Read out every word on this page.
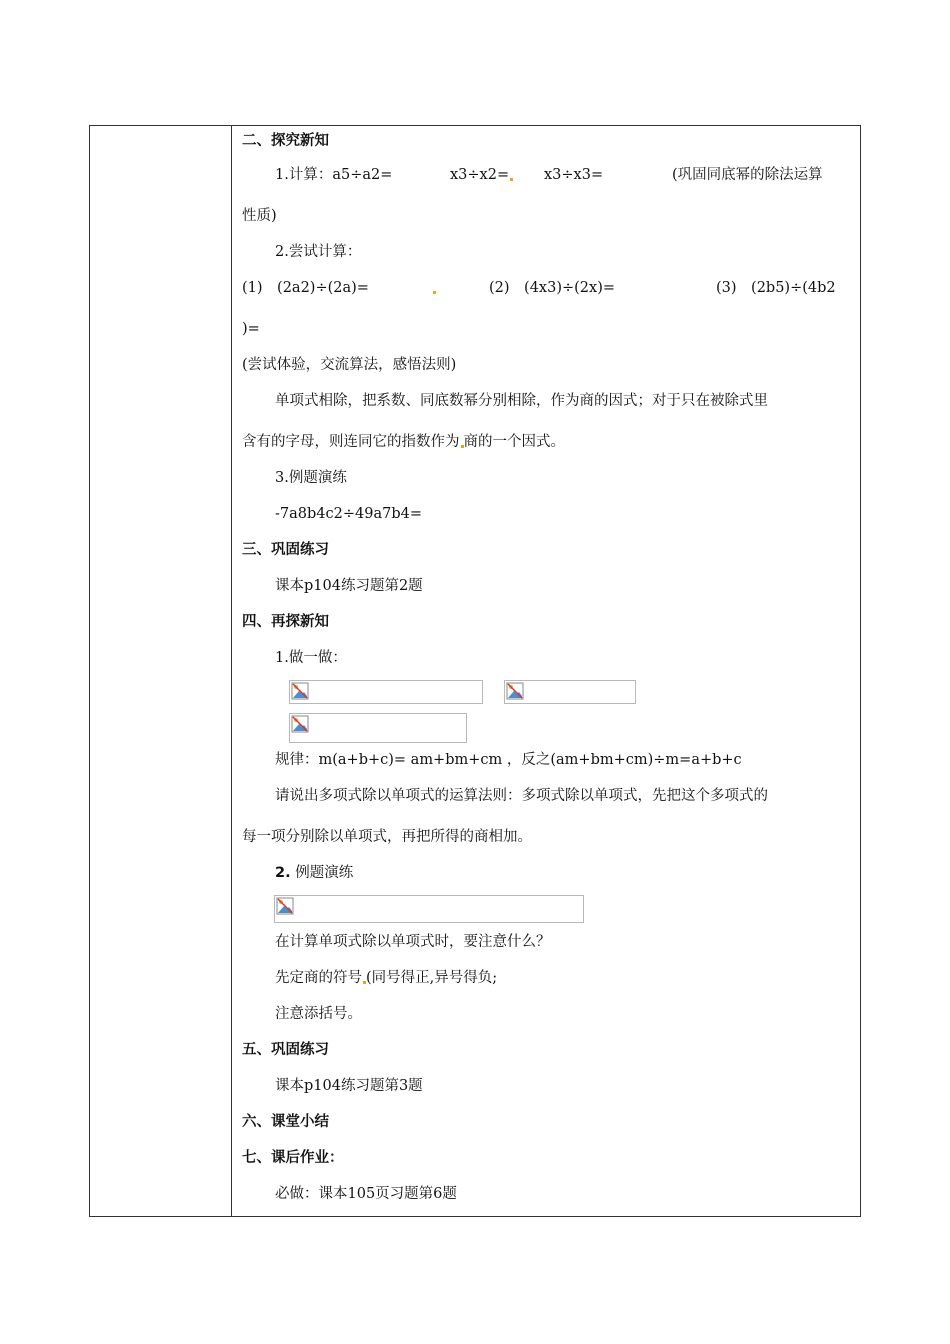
二、探究新知
1.计算：a5÷a2=	x3÷x2= x3÷x3=	(巩固同底幂的除法运算
性质)
2.尝试计算：
(1)　(2a2)÷(2a)=	(2)　(4x3)÷(2x)=	(3)　(2b5)÷(4b2
)=
(尝试体验，交流算法，感悟法则)
单项式相除，把系数、同底数幂分别相除，作为商的因式；对于只在被除式里
含有的字母，则连同它的指数作为 商的一个因式。
3.例题演练
-7a8b4c2÷49a7b4=
三、巩固练习
课本p104练习题第2题
四、再探新知
1.做一做：
规律：m(a+b+c)= am+bm+cm ，反之(am+bm+cm)÷m=a+b+c
请说出多项式除以单项式的运算法则：多项式除以单项式，先把这个多项式的
每一项分别除以单项式，再把所得的商相加。
2. 例题演练
在计算单项式除以单项式时，要注意什么？
先定商的符号 (同号得正,异号得负;
注意添括号。
五、巩固练习
课本p104练习题第3题
六、课堂小结
七、课后作业：
必做：课本105页习题第6题
